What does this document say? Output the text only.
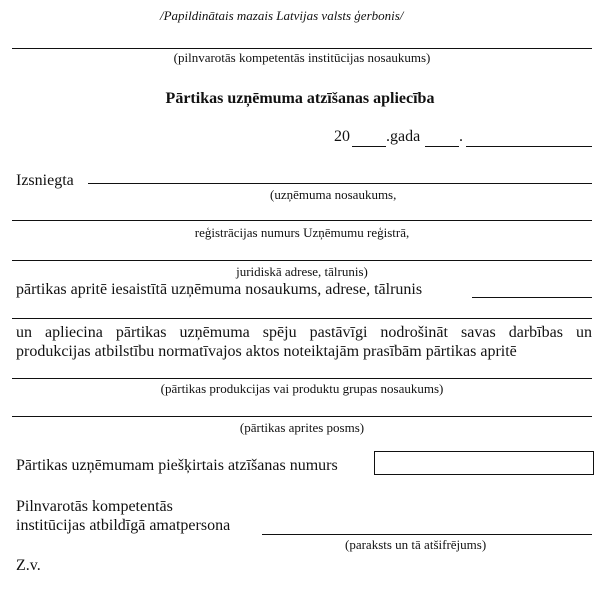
/Papildinātais mazais Latvijas valsts ģerbonis/
(pilnvarotās kompetentās institūcijas nosaukums)
Pārtikas uzņēmuma atzīšanas apliecība
20 .gada .
Izsniegta
(uzņēmuma nosaukums,
reģistrācijas numurs Uzņēmumu reģistrā,
juridiskā adrese, tālrunis)
pārtikas apritē iesaistītā uzņēmuma nosaukums, adrese, tālrunis
un apliecina pārtikas uzņēmuma spēju pastāvīgi nodrošināt savas darbības un
produkcijas atbilstību normatīvajos aktos noteiktajām prasībām pārtikas apritē
(pārtikas produkcijas vai produktu grupas nosaukums)
(pārtikas aprites posms)
Pārtikas uzņēmumam piešķirtais atzīšanas numurs
Pilnvarotās kompetentās
institūcijas atbildīgā amatpersona
(paraksts un tā atšifrējums)
Z.v.
